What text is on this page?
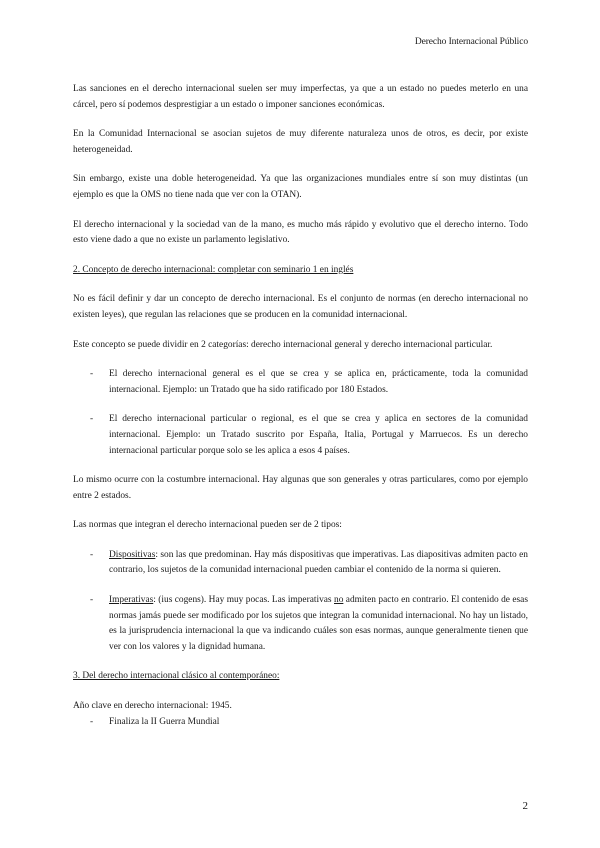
Derecho Internacional Público

Las sanciones en el derecho internacional suelen ser muy imperfectas, ya que a un estado no puedes meterlo en una cárcel, pero sí podemos desprestigiar a un estado o imponer sanciones económicas.

En la Comunidad Internacional se asocian sujetos de muy diferente naturaleza unos de otros, es decir, por existe heterogeneidad.

Sin embargo, existe una doble heterogeneidad. Ya que las organizaciones mundiales entre sí son muy distintas (un ejemplo es que la OMS no tiene nada que ver con la OTAN).

El derecho internacional y la sociedad van de la mano, es mucho más rápido y evolutivo que el derecho interno. Todo esto viene dado a que no existe un parlamento legislativo.

2. Concepto de derecho internacional: completar con seminario 1 en inglés

No es fácil definir y dar un concepto de derecho internacional. Es el conjunto de normas (en derecho internacional no existen leyes), que regulan las relaciones que se producen en la comunidad internacional.

Este concepto se puede dividir en 2 categorías: derecho internacional general y derecho internacional particular.

- El derecho internacional general es el que se crea y se aplica en, prácticamente, toda la comunidad internacional. Ejemplo: un Tratado que ha sido ratificado por 180 Estados.
- El derecho internacional particular o regional, es el que se crea y aplica en sectores de la comunidad internacional. Ejemplo: un Tratado suscrito por España, Italia, Portugal y Marruecos. Es un derecho internacional particular porque solo se les aplica a esos 4 países.

Lo mismo ocurre con la costumbre internacional. Hay algunas que son generales y otras particulares, como por ejemplo entre 2 estados.

Las normas que integran el derecho internacional pueden ser de 2 tipos:

- Dispositivas: son las que predominan. Hay más dispositivas que imperativas. Las diapositivas admiten pacto en contrario, los sujetos de la comunidad internacional pueden cambiar el contenido de la norma si quieren.
- Imperativas: (ius cogens). Hay muy pocas. Las imperativas no admiten pacto en contrario. El contenido de esas normas jamás puede ser modificado por los sujetos que integran la comunidad internacional. No hay un listado, es la jurisprudencia internacional la que va indicando cuáles son esas normas, aunque generalmente tienen que ver con los valores y la dignidad humana.

3. Del derecho internacional clásico al contemporáneo:

Año clave en derecho internacional: 1945.

- Finaliza la II Guerra Mundial
2
